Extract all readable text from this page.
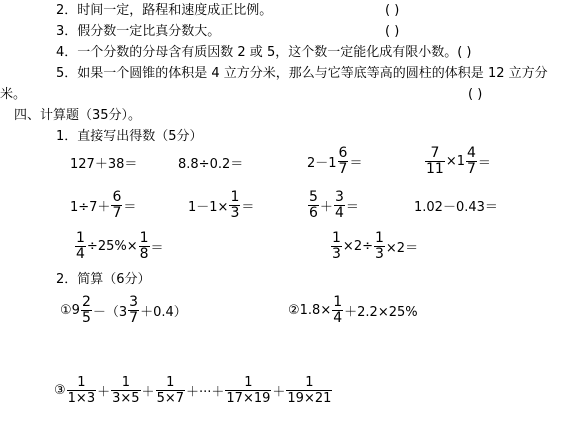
2．时间一定，路程和速度成正比例。	( )
3．假分数一定比真分数大。	( )
4．一个分数的分母含有质因数 2 或 5，这个数一定能化成有限小数。( )
5．如果一个圆锥的体积是 4 立方分米，那么与它等底等高的圆柱的体积是 12 立方分
米。	( )
四、计算题（35分）。
1．直接写出得数（5分）
127＋38＝	8.8÷0.2＝	$2-1 \frac{6}{7}$ ＝	$\frac{7}{11} \times 1 \frac{4}{7}$ ＝
$1\div 7+ \frac{6}{7}$ ＝	$1-1\times \frac{1}{3}$ ＝	$\frac{5}{6} + \frac{3}{4}$ ＝	1.02－0.43＝
$\frac{1}{4} \div 25\%\times \frac{1}{8}$ ＝	$\frac{1}{3} \times 2\div \frac{1}{3} \times 2=$
2．简算（6分）
①9 $\frac{2}{5} -(3 \frac{3}{7} +0.4)$	②1.8× $\frac{1}{4} +2.2\times 25\%$
③ $\frac{1}{1\times 3} + \frac{1}{3\times 5} + \frac{1}{5\times 7}$ ＋···＋ $\frac{1}{17\times 19} + \frac{1}{19\times 21}$
